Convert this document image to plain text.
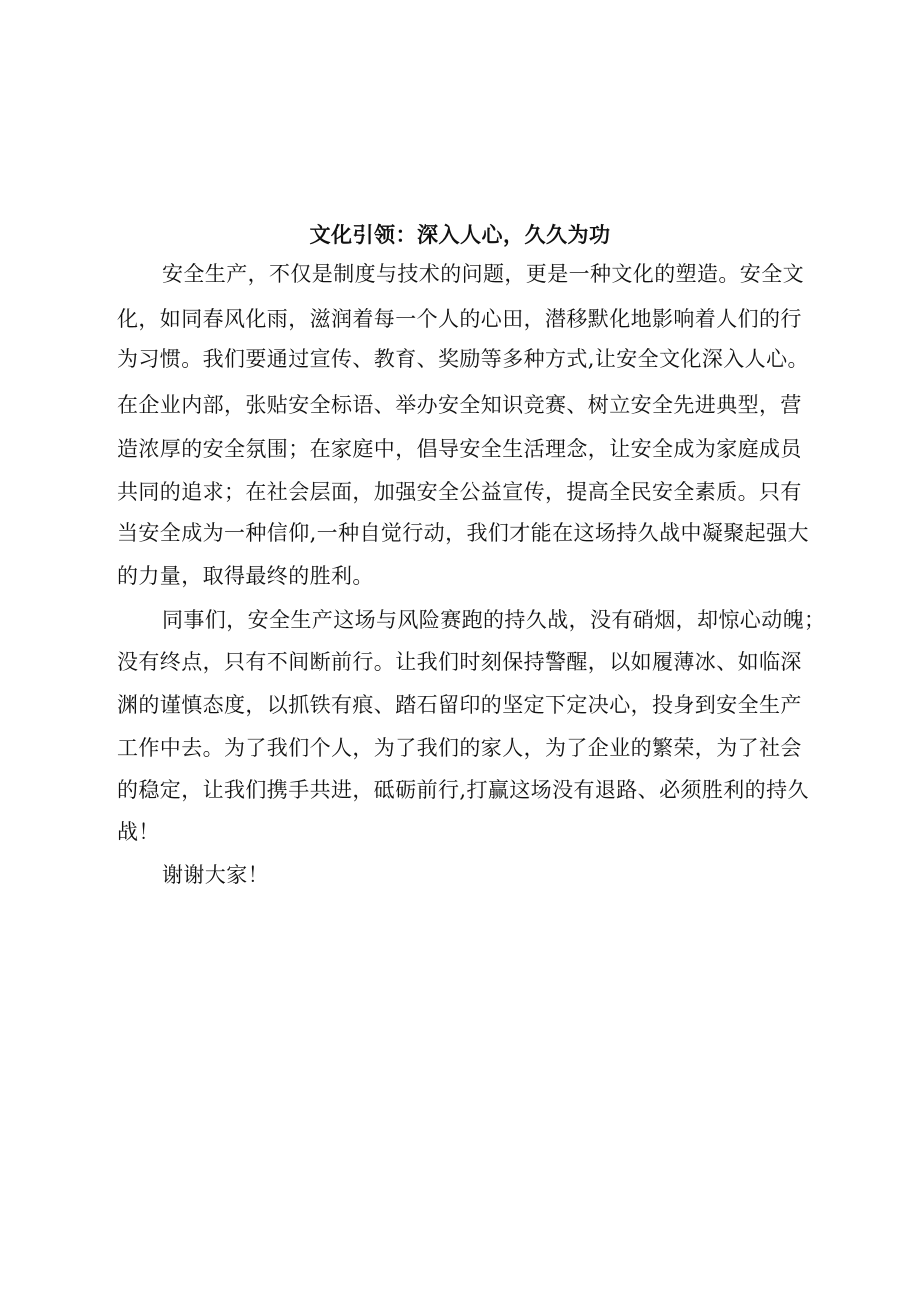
文化引领：深入人心，久久为功
安全生产，不仅是制度与技术的问题，更是一种文化的塑造。安全文
化，如同春风化雨，滋润着每一个人的心田，潜移默化地影响着人们的行
为习惯。我们要通过宣传、教育、奖励等多种方式,让安全文化深入人心。
在企业内部，张贴安全标语、举办安全知识竞赛、树立安全先进典型，营
造浓厚的安全氛围；在家庭中，倡导安全生活理念，让安全成为家庭成员
共同的追求；在社会层面，加强安全公益宣传，提高全民安全素质。只有
当安全成为一种信仰,一种自觉行动，我们才能在这场持久战中凝聚起强大
的力量，取得最终的胜利。
同事们，安全生产这场与风险赛跑的持久战，没有硝烟，却惊心动魄；
没有终点，只有不间断前行。让我们时刻保持警醒，以如履薄冰、如临深
渊的谨慎态度，以抓铁有痕、踏石留印的坚定下定决心，投身到安全生产
工作中去。为了我们个人，为了我们的家人，为了企业的繁荣，为了社会
的稳定，让我们携手共进，砥砺前行,打赢这场没有退路、必须胜利的持久
战！
谢谢大家！
